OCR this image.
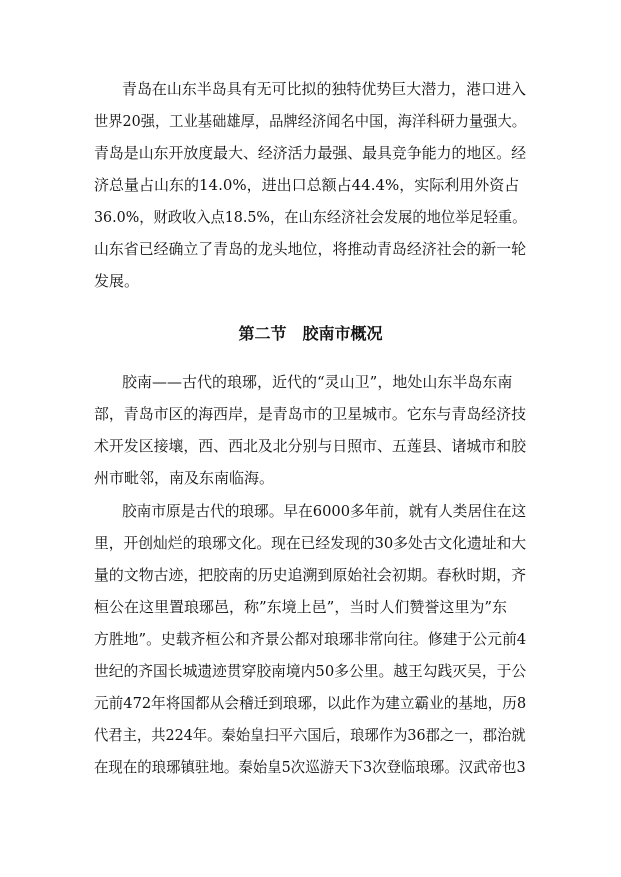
青岛在山东半岛具有无可比拟的独特优势巨大潜力，港口进入
世界20强，工业基础雄厚，品牌经济闻名中国，海洋科研力量强大。
青岛是山东开放度最大、经济活力最强、最具竞争能力的地区。经
济总量占山东的14.0%，进出口总额占44.4%，实际利用外资占
36.0%，财政收入点18.5%，在山东经济社会发展的地位举足轻重。
山东省已经确立了青岛的龙头地位，将推动青岛经济社会的新一轮
发展。
第二节　胶南市概况
胶南——古代的琅琊，近代的“灵山卫”，地处山东半岛东南
部，青岛市区的海西岸，是青岛市的卫星城市。它东与青岛经济技
术开发区接壤，西、西北及北分别与日照市、五莲县、诸城市和胶
州市毗邻，南及东南临海。
胶南市原是古代的琅琊。早在6000多年前，就有人类居住在这
里，开创灿烂的琅琊文化。现在已经发现的30多处古文化遗址和大
量的文物古迹，把胶南的历史追溯到原始社会初期。春秋时期，齐
桓公在这里置琅琊邑，称”东境上邑”，当时人们赞誉这里为”东
方胜地”。史载齐桓公和齐景公都对琅琊非常向往。修建于公元前4
世纪的齐国长城遗迹贯穿胶南境内50多公里。越王勾践灭吴，于公
元前472年将国都从会稽迁到琅琊，以此作为建立霸业的基地，历8
代君主，共224年。秦始皇扫平六国后，琅琊作为36郡之一，郡治就
在现在的琅琊镇驻地。秦始皇5次巡游天下3次登临琅琊。汉武帝也3
